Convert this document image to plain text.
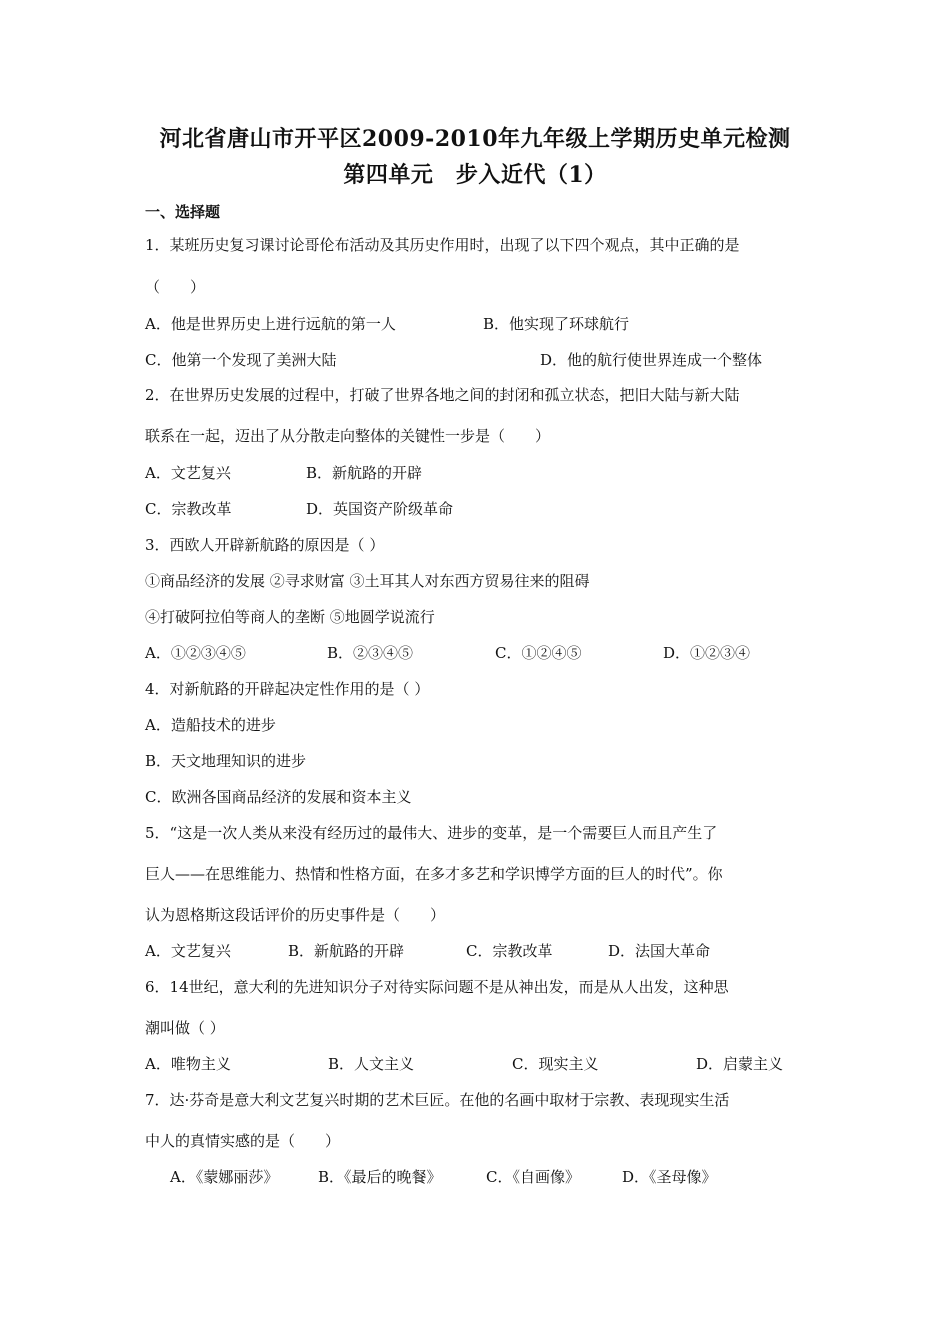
河北省唐山市开平区2009-2010年九年级上学期历史单元检测
第四单元　步入近代（1）
一、选择题
1．某班历史复习课讨论哥伦布活动及其历史作用时，出现了以下四个观点，其中正确的是
（　　）
A．他是世界历史上进行远航的第一人	B．他实现了环球航行
C．他第一个发现了美洲大陆	D．他的航行使世界连成一个整体
2．在世界历史发展的过程中，打破了世界各地之间的封闭和孤立状态，把旧大陆与新大陆
联系在一起，迈出了从分散走向整体的关键性一步是（　　）
A．文艺复兴	B．新航路的开辟
C．宗教改革	D．英国资产阶级革命
3．西欧人开辟新航路的原因是（ ）
①商品经济的发展 ②寻求财富 ③土耳其人对东西方贸易往来的阻碍
④打破阿拉伯等商人的垄断 ⑤地圆学说流行
A．①②③④⑤	B．②③④⑤	C．①②④⑤	D．①②③④
4．对新航路的开辟起决定性作用的是（ ）
A．造船技术的进步
B．天文地理知识的进步
C．欧洲各国商品经济的发展和资本主义
5．“这是一次人类从来没有经历过的最伟大、进步的变革，是一个需要巨人而且产生了
巨人——在思维能力、热情和性格方面，在多才多艺和学识博学方面的巨人的时代”。你
认为恩格斯这段话评价的历史事件是（　　）
A．文艺复兴	B．新航路的开辟	C．宗教改革	D．法国大革命
6．14世纪，意大利的先进知识分子对待实际问题不是从神出发，而是从人出发，这种思
潮叫做（ ）
A．唯物主义	B．人文主义	C．现实主义	D．启蒙主义
7．达·芬奇是意大利文艺复兴时期的艺术巨匠。在他的名画中取材于宗教、表现现实生活
中人的真情实感的是（　　）
A．《蒙娜丽莎》	B．《最后的晚餐》	C．《自画像》	D．《圣母像》
